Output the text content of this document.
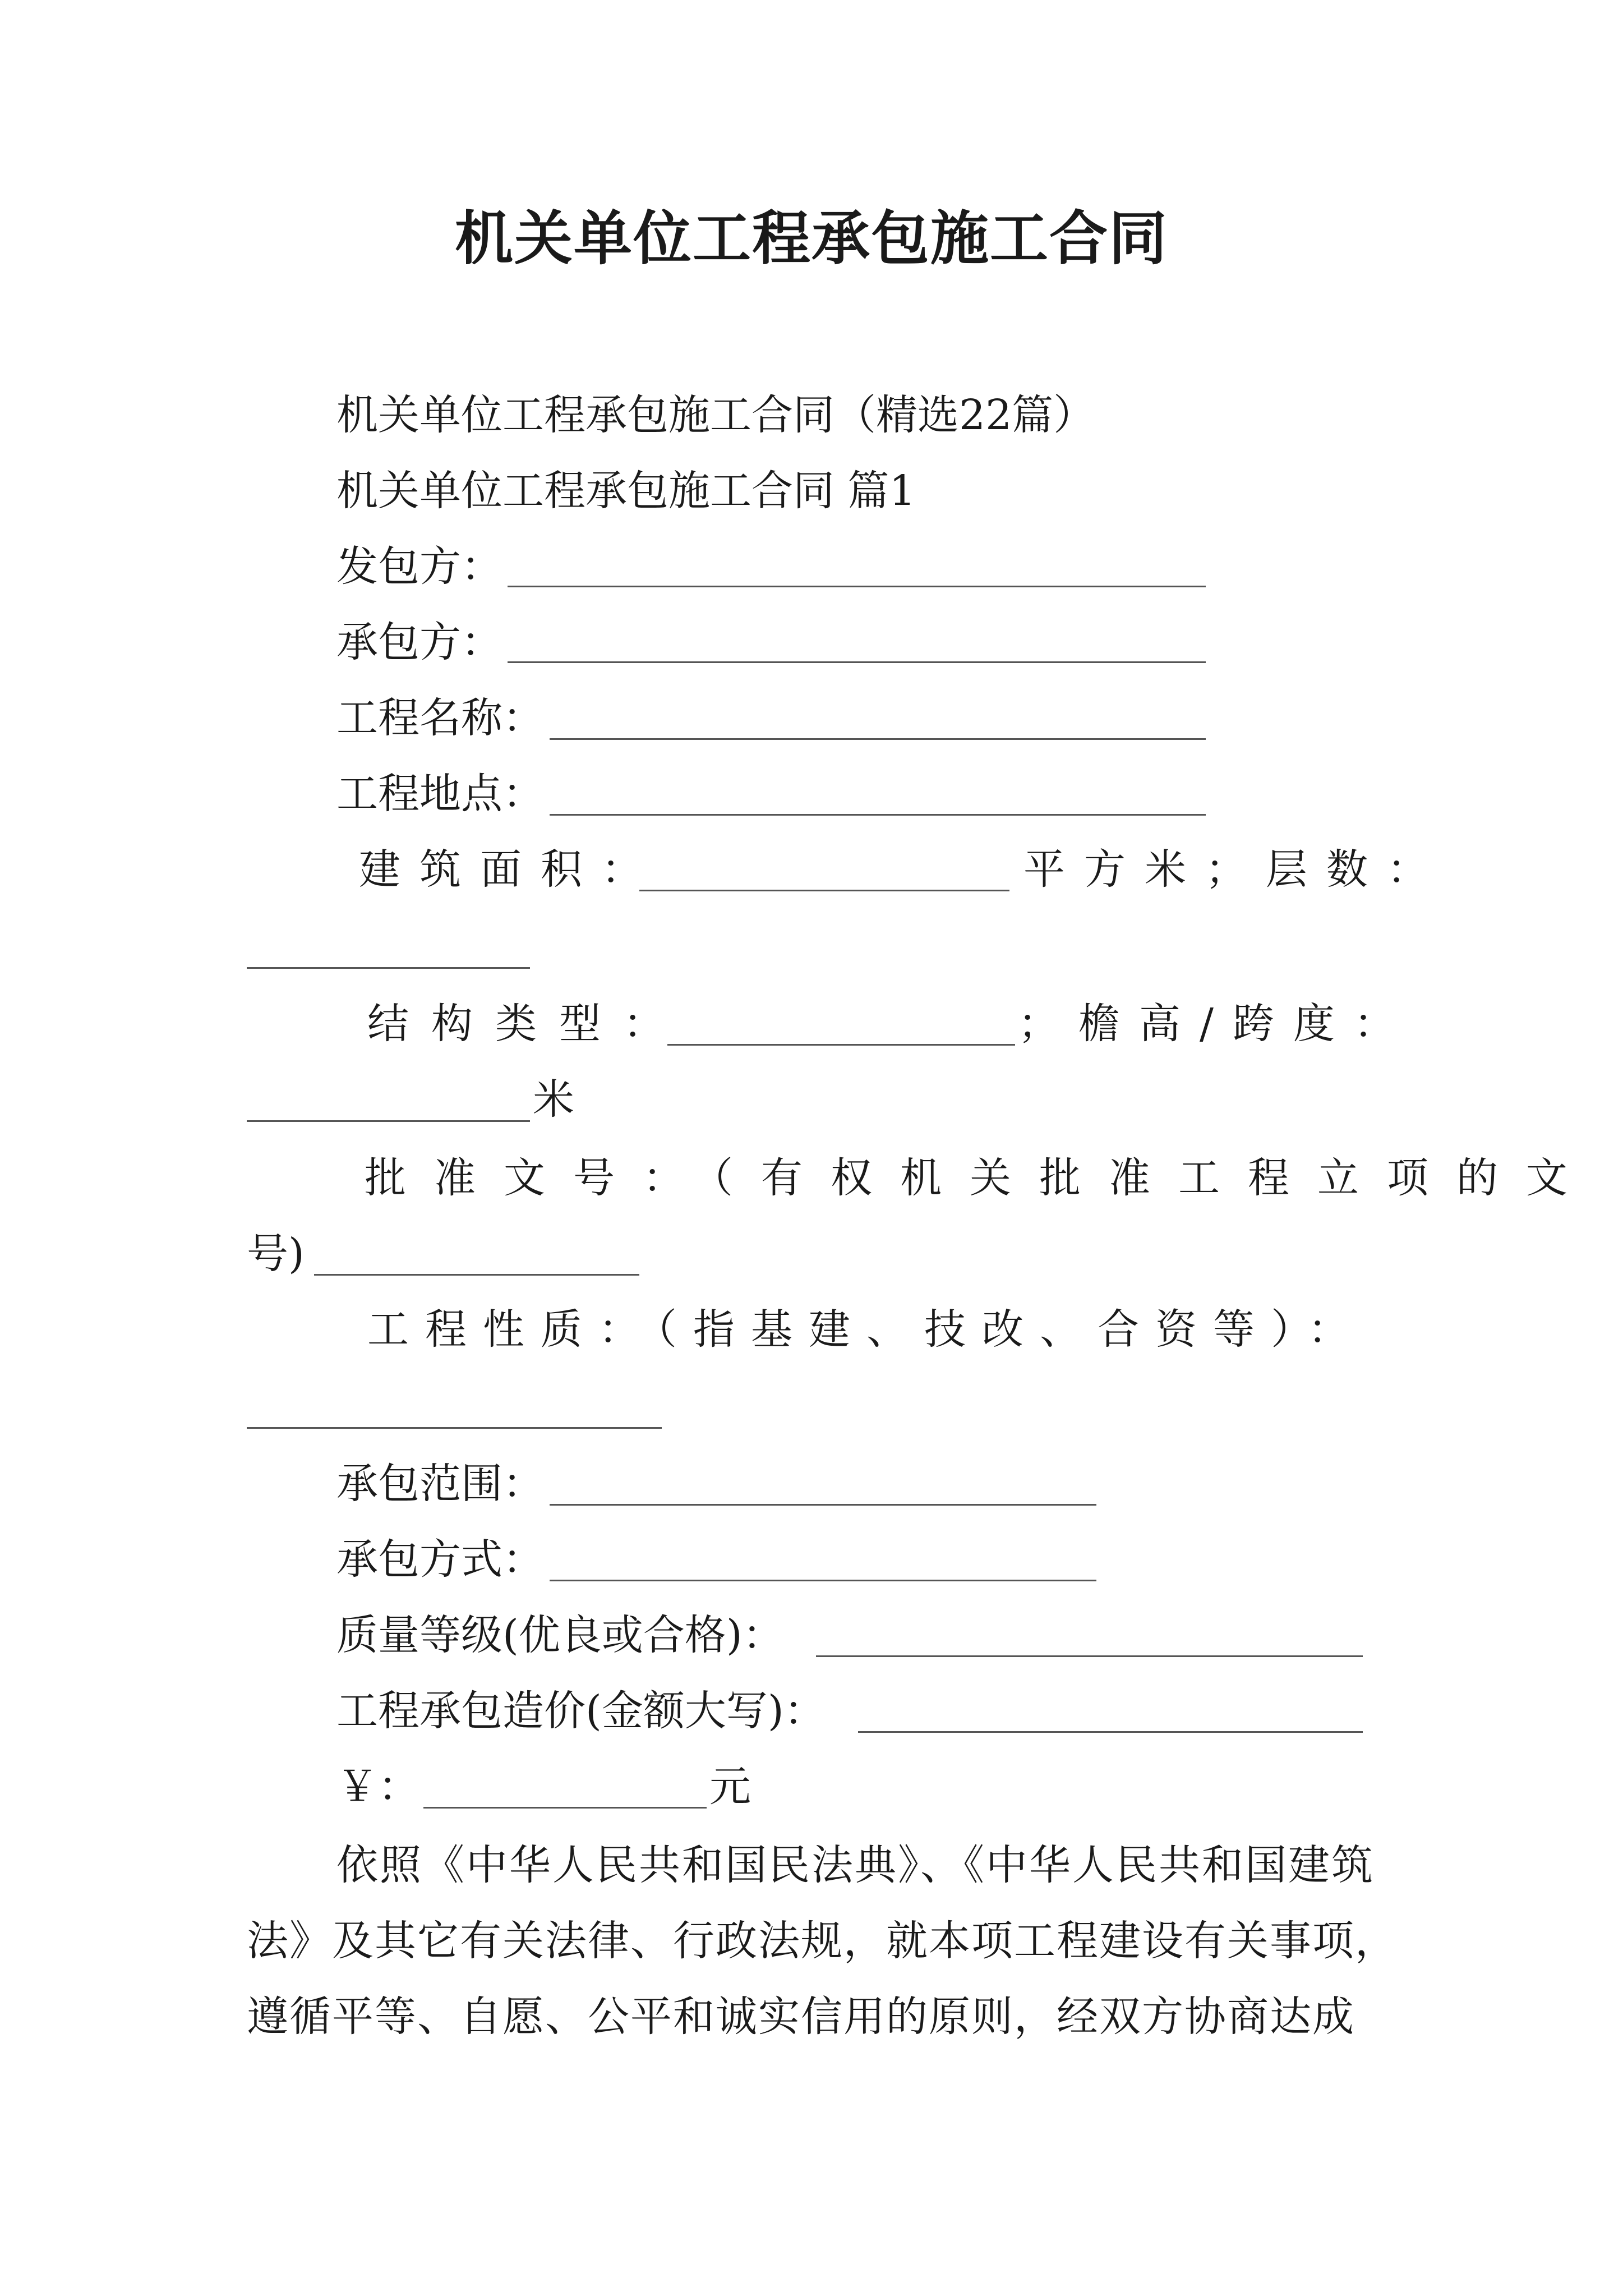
机关单位工程承包施工合同
机关单位工程承包施工合同（精选22篇）
机关单位工程承包施工合同 篇1
发包方：
承包方：
工程名称：
工程地点：
建筑面积：	平方米；层数：
结构类型：	；檐高/跨度：
米
批准文号：（有权机关批准工程立项的文
号)
工程性质：（指基建、技改、合资等）：
承包范围：
承包方式：
质量等级(优良或合格)：
工程承包造价(金额大写)：
￥：	元
依照《中华人民共和国民法典》、《中华人民共和国建筑
法》及其它有关法律、行政法规，就本项工程建设有关事项，
遵循平等、自愿、公平和诚实信用的原则，经双方协商达成
